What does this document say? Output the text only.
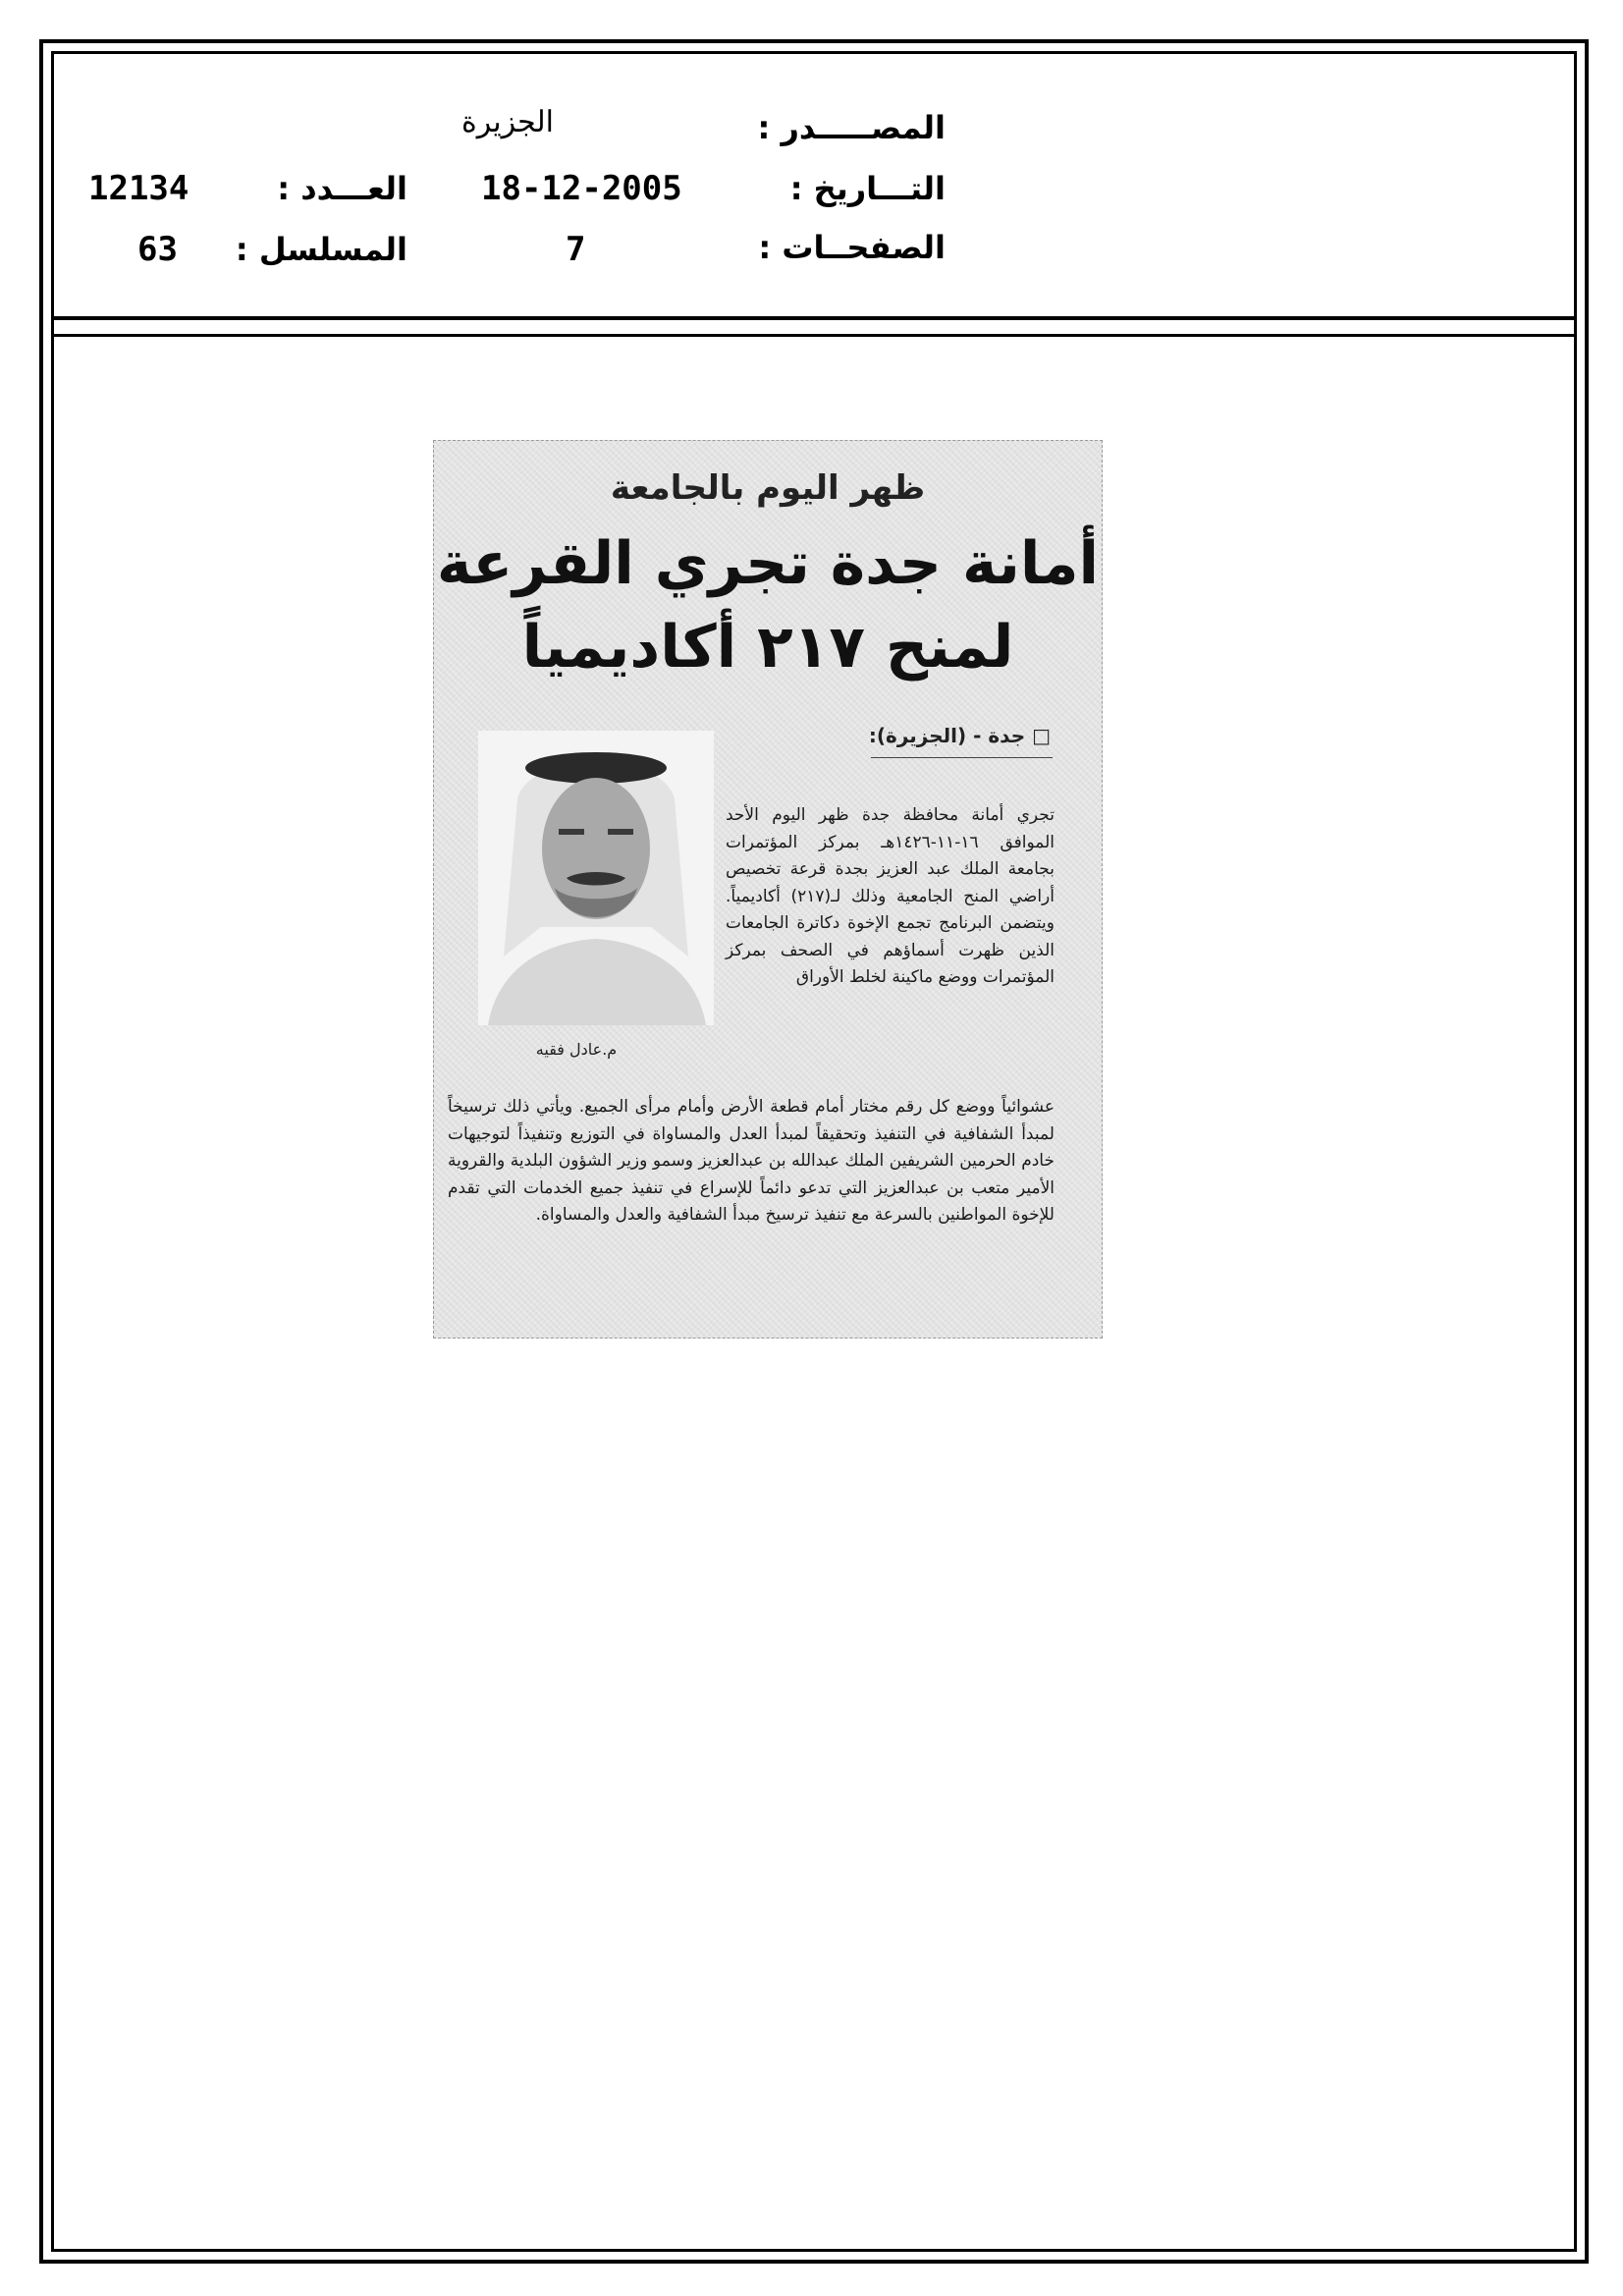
المصـــــدر :
التـــاريخ :
الصفحــات :
الجزيرة
18-12-2005
7
العـــدد :
المسلسل :
12134
63
ظهر اليوم بالجامعة
أمانة جدة تجري القرعة
لمنح ٢١٧ أكاديمياً
□ جدة - (الجزيرة):
م.عادل فقيه
تجري أمانة محافظة جدة ظهر اليوم الأحد الموافق ١٦-١١-١٤٢٦هـ بمركز المؤتمرات بجامعة الملك عبد العزيز بجدة قرعة تخصيص أراضي المنح الجامعية وذلك لـ(٢١٧) أكاديمياً. ويتضمن البرنامج تجمع الإخوة دكاترة الجامعات الذين ظهرت أسماؤهم في الصحف بمركز المؤتمرات ووضع ماكينة لخلط الأوراق
عشوائياً ووضع كل رقم مختار أمام قطعة الأرض وأمام مرأى الجميع. ويأتي ذلك ترسيخاً لمبدأ الشفافية في التنفيذ وتحقيقاً لمبدأ العدل والمساواة في التوزيع وتنفيذاً لتوجيهات خادم الحرمين الشريفين الملك عبدالله بن عبدالعزيز وسمو وزير الشؤون البلدية والقروية الأمير متعب بن عبدالعزيز التي تدعو دائماً للإسراع في تنفيذ جميع الخدمات التي تقدم للإخوة المواطنين بالسرعة مع تنفيذ ترسيخ مبدأ الشفافية والعدل والمساواة.
